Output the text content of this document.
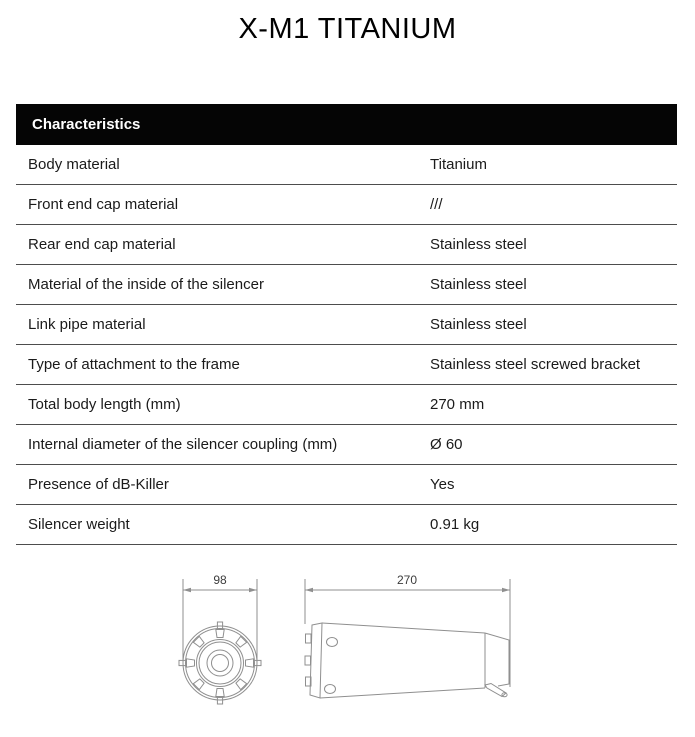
X-M1 TITANIUM
Characteristics
Body material	Titanium
Front end cap material	///
Rear end cap material	Stainless steel
Material of the inside of the silencer	Stainless steel
Link pipe material	Stainless steel
Type of attachment to the frame	Stainless steel screwed bracket
Total body length (mm)	270 mm
Internal diameter of the silencer coupling (mm)	Ø 60
Presence of dB-Killer	Yes
Silencer weight	0.91 kg
98	270
